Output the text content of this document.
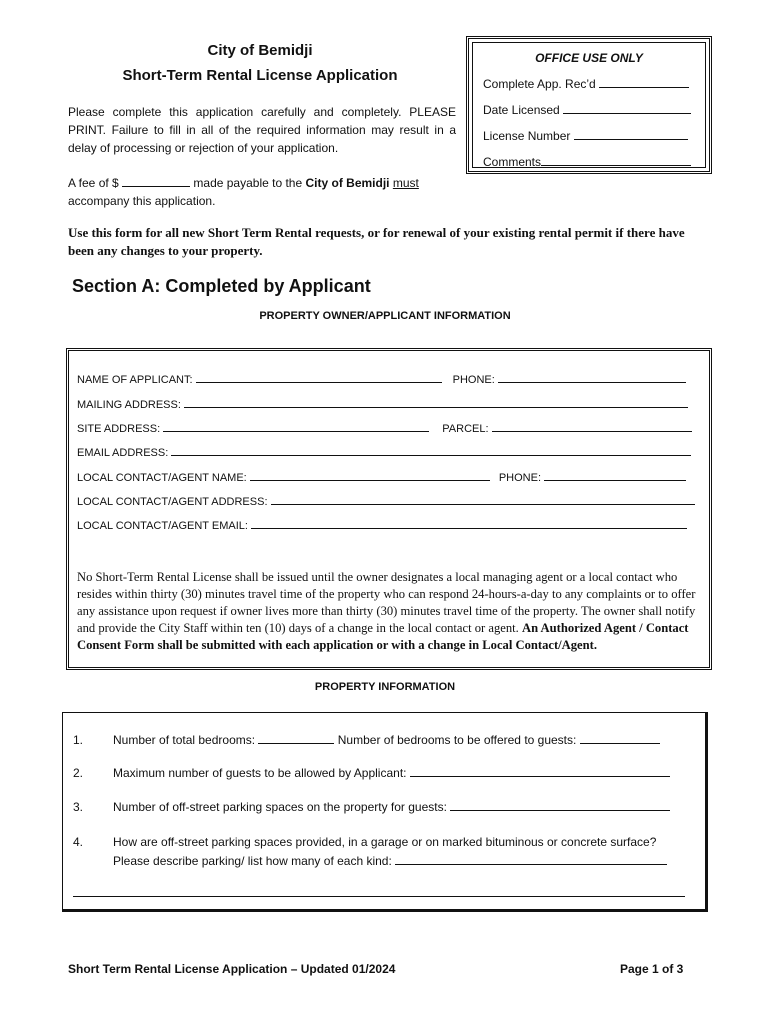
City of Bemidji
Short-Term Rental License Application
Please complete this application carefully and completely. PLEASE PRINT. Failure to fill in all of the required information may result in a delay of processing or rejection of your application.
A fee of $	made payable to the City of Bemidji must
accompany this application.
OFFICE USE ONLY
Complete App. Rec’d
Date Licensed
License Number
Comments
Use this form for all new Short Term Rental requests, or for renewal of your existing rental permit if there have been any changes to your property.
Section A: Completed by Applicant
PROPERTY OWNER/APPLICANT INFORMATION
NAME OF APPLICANT:	PHONE:
MAILING ADDRESS:
SITE ADDRESS:	PARCEL:
EMAIL ADDRESS:
LOCAL CONTACT/AGENT NAME:	PHONE:
LOCAL CONTACT/AGENT ADDRESS:
LOCAL CONTACT/AGENT EMAIL:
No Short-Term Rental License shall be issued until the owner designates a local managing agent or a local contact who resides within thirty (30) minutes travel time of the property who can respond 24-hours-a-day to any complaints or to offer any assistance upon request if owner lives more than thirty (30) minutes travel time of the property. The owner shall notify and provide the City Staff within ten (10) days of a change in the local contact or agent. An Authorized Agent / Contact Consent Form shall be submitted with each application or with a change in Local Contact/Agent.
PROPERTY INFORMATION
1. Number of total bedrooms:	Number of bedrooms to be offered to guests:
2. Maximum number of guests to be allowed by Applicant:
3. Number of off-street parking spaces on the property for guests:
4. How are off-street parking spaces provided, in a garage or on marked bituminous or concrete surface?
Please describe parking/ list how many of each kind:
Short Term Rental License Application – Updated 01/2024	Page 1 of 3
